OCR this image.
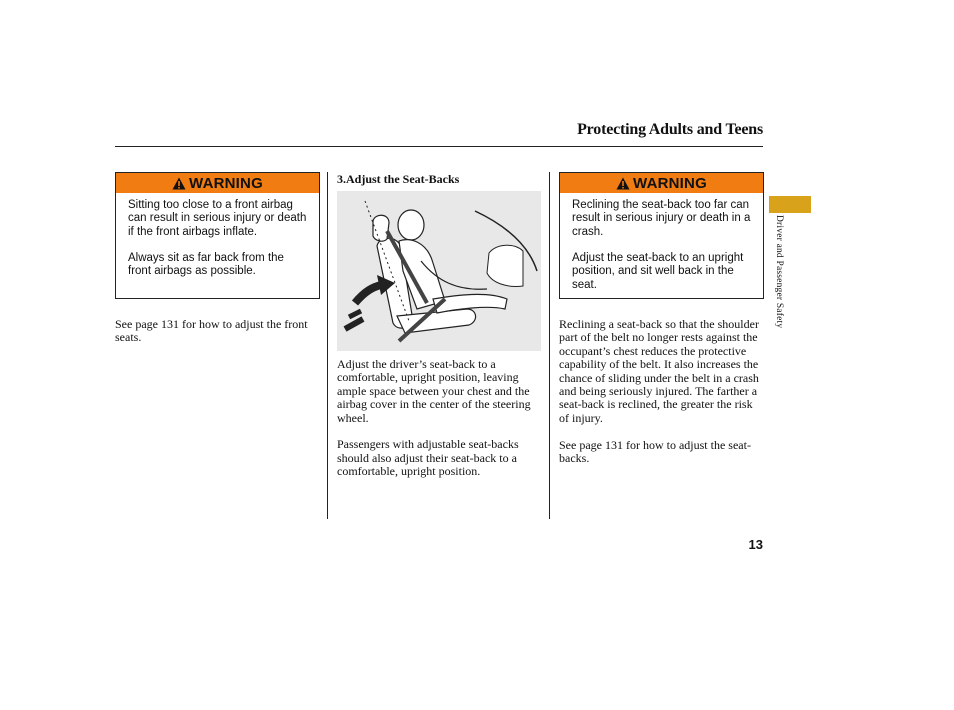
Protecting Adults and Teens
WARNING

Sitting too close to a front airbag can result in serious injury or death if the front airbags inflate.

Always sit as far back from the front airbags as possible.

See page 131 for how to adjust the front seats.

3.Adjust the Seat-Backs

Adjust the driver’s seat-back to a comfortable, upright position, leaving ample space between your chest and the airbag cover in the center of the steering wheel.

Passengers with adjustable seat-backs should also adjust their seat-back to a comfortable, upright position.

WARNING

Reclining the seat-back too far can result in serious injury or death in a crash.

Adjust the seat-back to an upright position, and sit well back in the seat.

Reclining a seat-back so that the shoulder part of the belt no longer rests against the occupant’s chest reduces the protective capability of the belt. It also increases the chance of sliding under the belt in a crash and being seriously injured. The farther a seat-back is reclined, the greater the risk of injury.

See page 131 for how to adjust the seat-backs.

Driver and Passenger Safety
13
